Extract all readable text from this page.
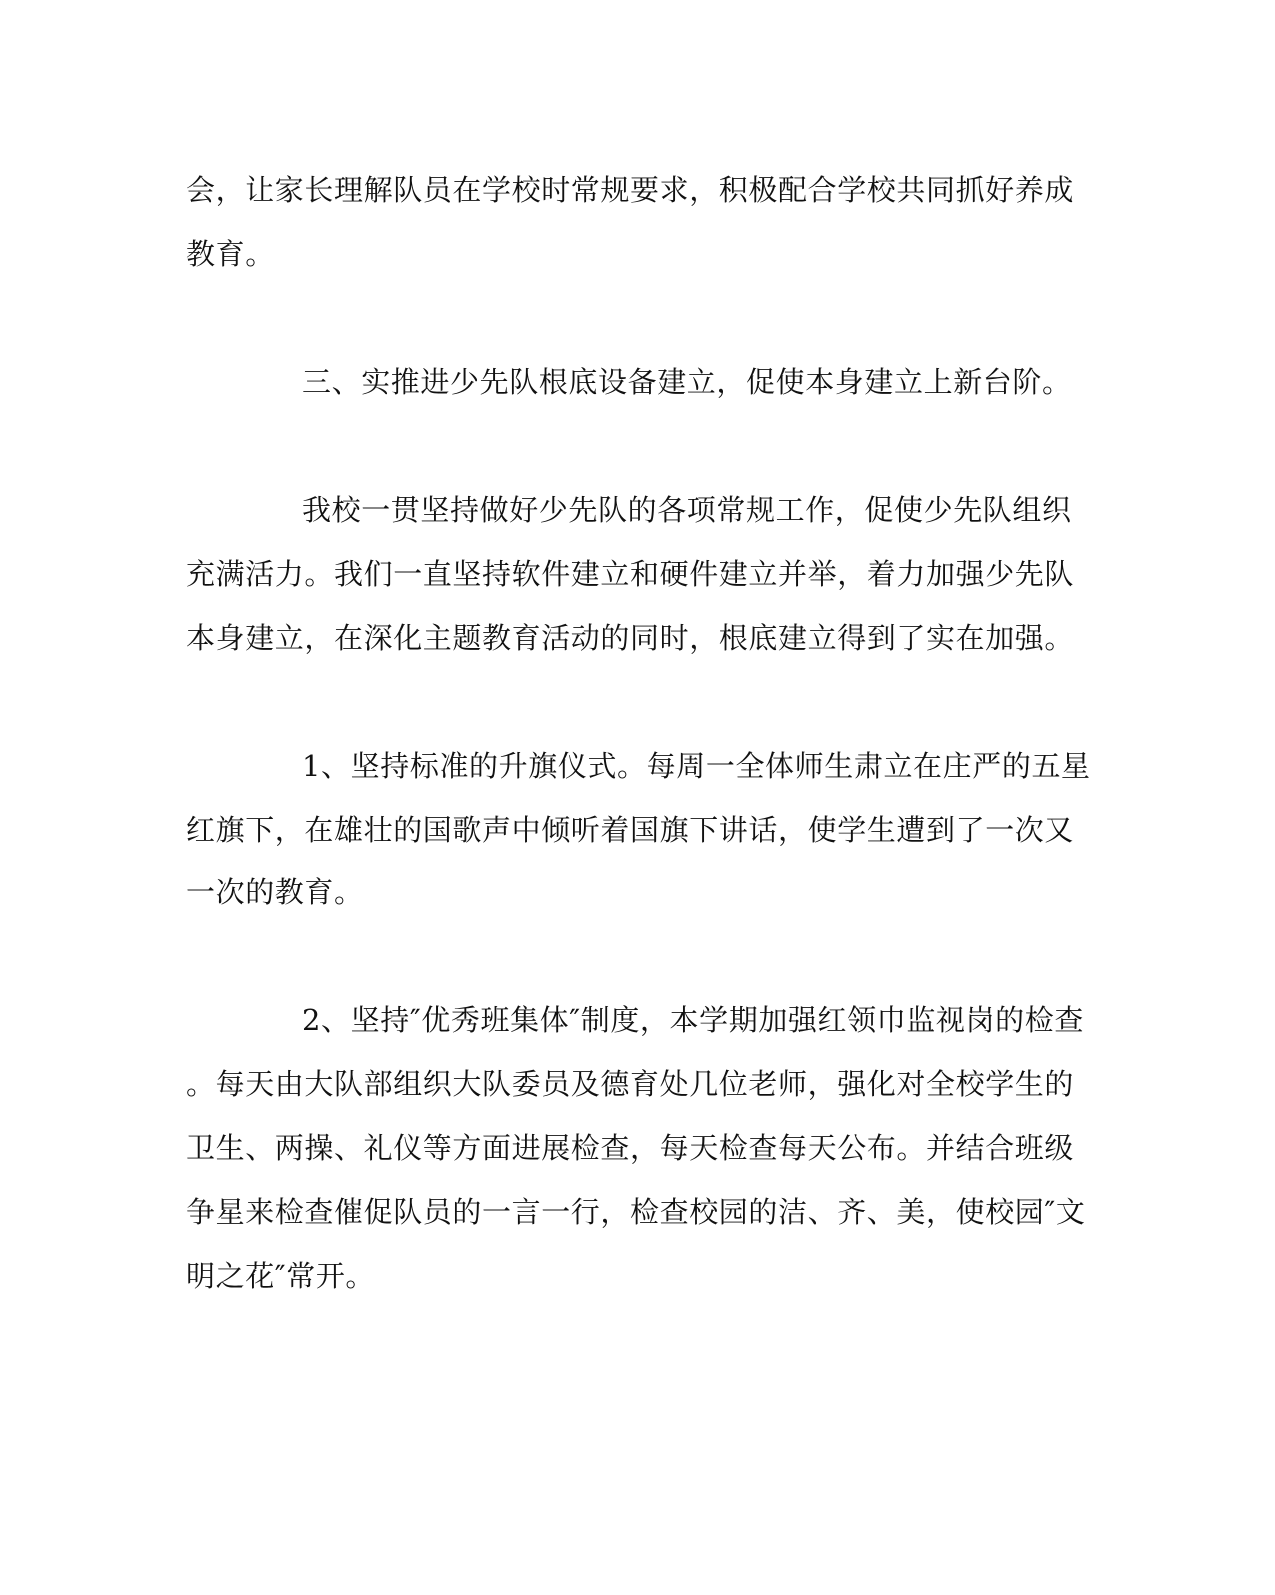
会，让家长理解队员在学校时常规要求，积极配合学校共同抓好养成
教育。
三、实推进少先队根底设备建立，促使本身建立上新台阶。
我校一贯坚持做好少先队的各项常规工作，促使少先队组织
充满活力。我们一直坚持软件建立和硬件建立并举，着力加强少先队
本身建立，在深化主题教育活动的同时，根底建立得到了实在加强。
1、坚持标准的升旗仪式。每周一全体师生肃立在庄严的五星
红旗下，在雄壮的国歌声中倾听着国旗下讲话，使学生遭到了一次又
一次的教育。
2、坚持″优秀班集体″制度，本学期加强红领巾监视岗的检查
。每天由大队部组织大队委员及德育处几位老师，强化对全校学生的
卫生、两操、礼仪等方面进展检查，每天检查每天公布。并结合班级
争星来检查催促队员的一言一行，检查校园的洁、齐、美，使校园″文
明之花″常开。
